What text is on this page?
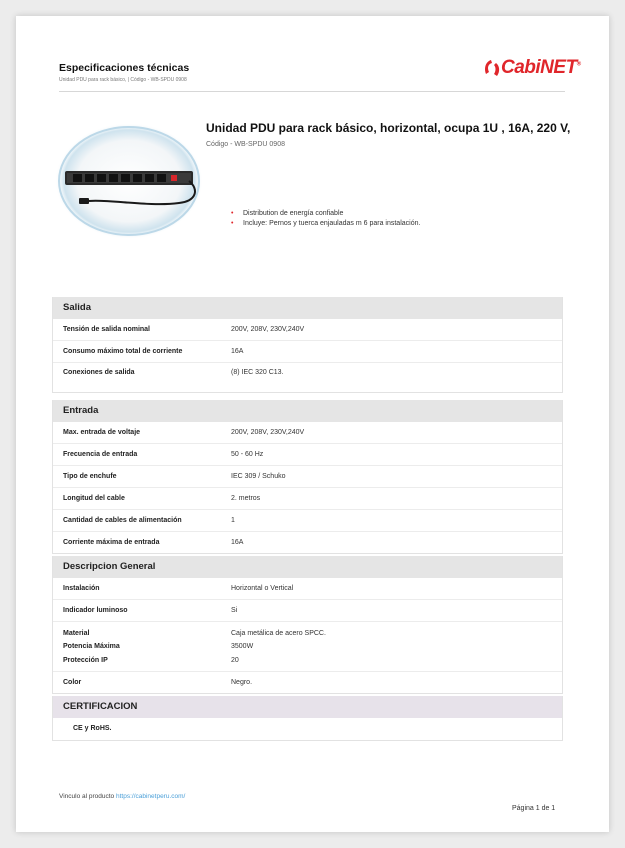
Especificaciones técnicas
Unidad PDU para rack básico, | Código - WB-SPDU 0908
CabiNET®
Unidad PDU para rack básico, horizontal, ocupa 1U , 16A, 220 V,
Código - WB-SPDU 0908
• Distribution de energía confiable
• Incluye: Pernos y tuerca enjauladas m 6 para instalación.
Salida
Tensión de salida nominal	200V, 208V, 230V,240V
Consumo máximo total de corriente	16A
Conexiones de salida	(8) IEC 320 C13.
Entrada
Max. entrada de voltaje	200V, 208V, 230V,240V
Frecuencia de entrada	50 - 60 Hz
Tipo de enchufe	IEC 309 / Schuko
Longitud del cable	2. metros
Cantidad de cables de alimentación	1
Corriente máxima de entrada	16A
Descripcion General
Instalación	Horizontal o Vertical
Indicador luminoso	Si
Material	Caja metálica de acero SPCC.
Potencia Máxima	3500W
Protección IP	20
Color	Negro.
CERTIFICACION
CE y RoHS.
Vinculo al producto https://cabinetperu.com/
Página 1 de 1
